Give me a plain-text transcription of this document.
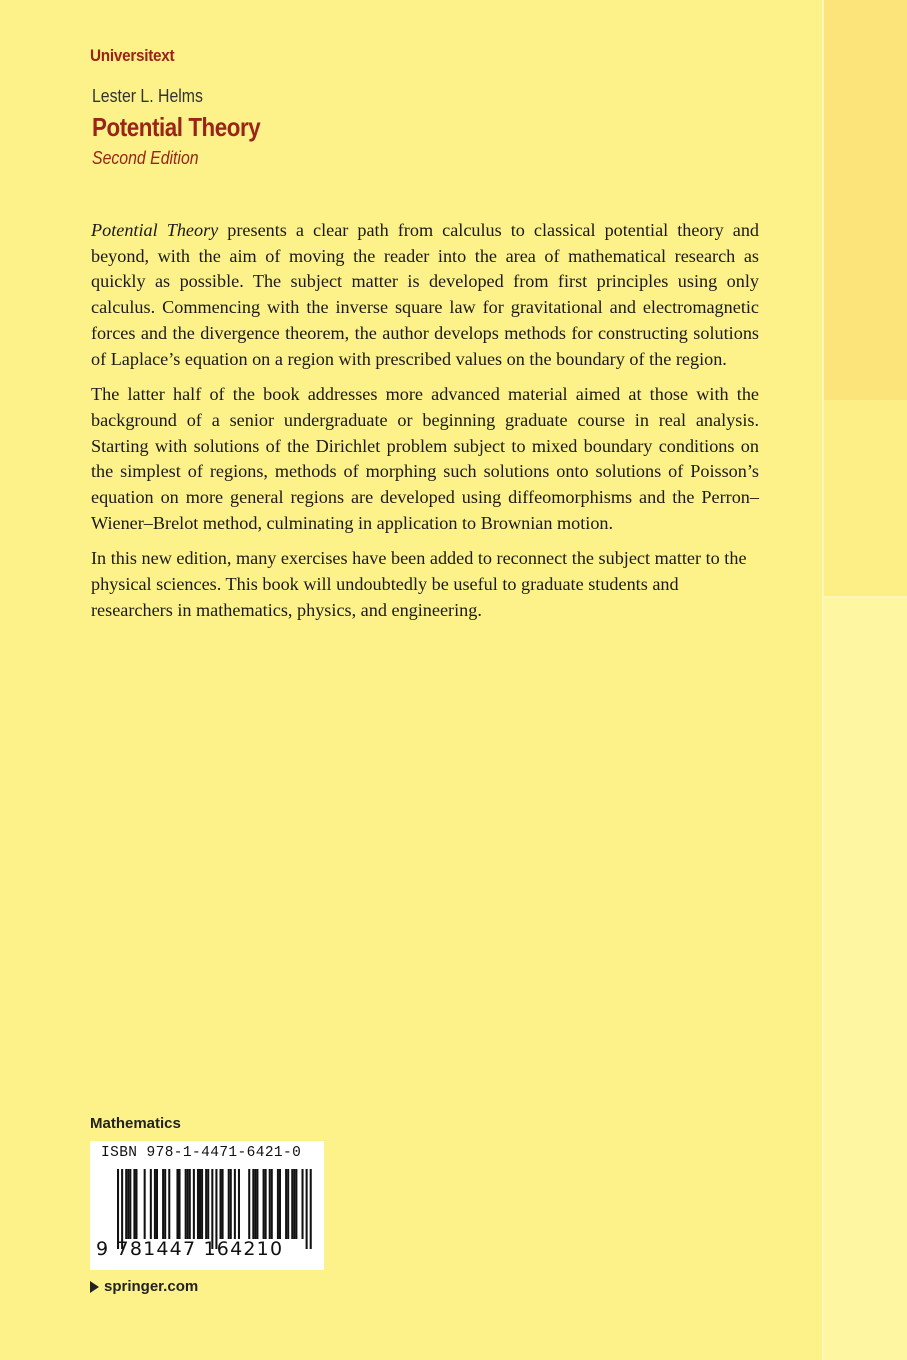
Universitext
Lester L. Helms
Potential Theory
Second Edition

Potential Theory presents a clear path from calculus to classical potential theory and beyond, with the aim of moving the reader into the area of mathematical research as quickly as possible. The subject matter is developed from first principles using only calculus. Commencing with the inverse square law for gravitational and electromagnetic forces and the divergence theorem, the author develops methods for constructing solutions of Laplace’s equation on a region with prescribed values on the boundary of the region.

The latter half of the book addresses more advanced material aimed at those with the background of a senior undergraduate or beginning graduate course in real analysis. Starting with solutions of the Dirichlet problem subject to mixed boundary conditions on the simplest of regions, methods of morphing such solutions onto solutions of Poisson’s equation on more general regions are developed using diffeomorphisms and the Perron–Wiener–Brelot method, culminating in application to Brownian motion.

In this new edition, many exercises have been added to reconnect the subject matter to the physical sciences. This book will undoubtedly be useful to graduate students and researchers in mathematics, physics, and engineering.

Mathematics
ISBN 978-1-4471-6421-0
9 781447 164210
springer.com
